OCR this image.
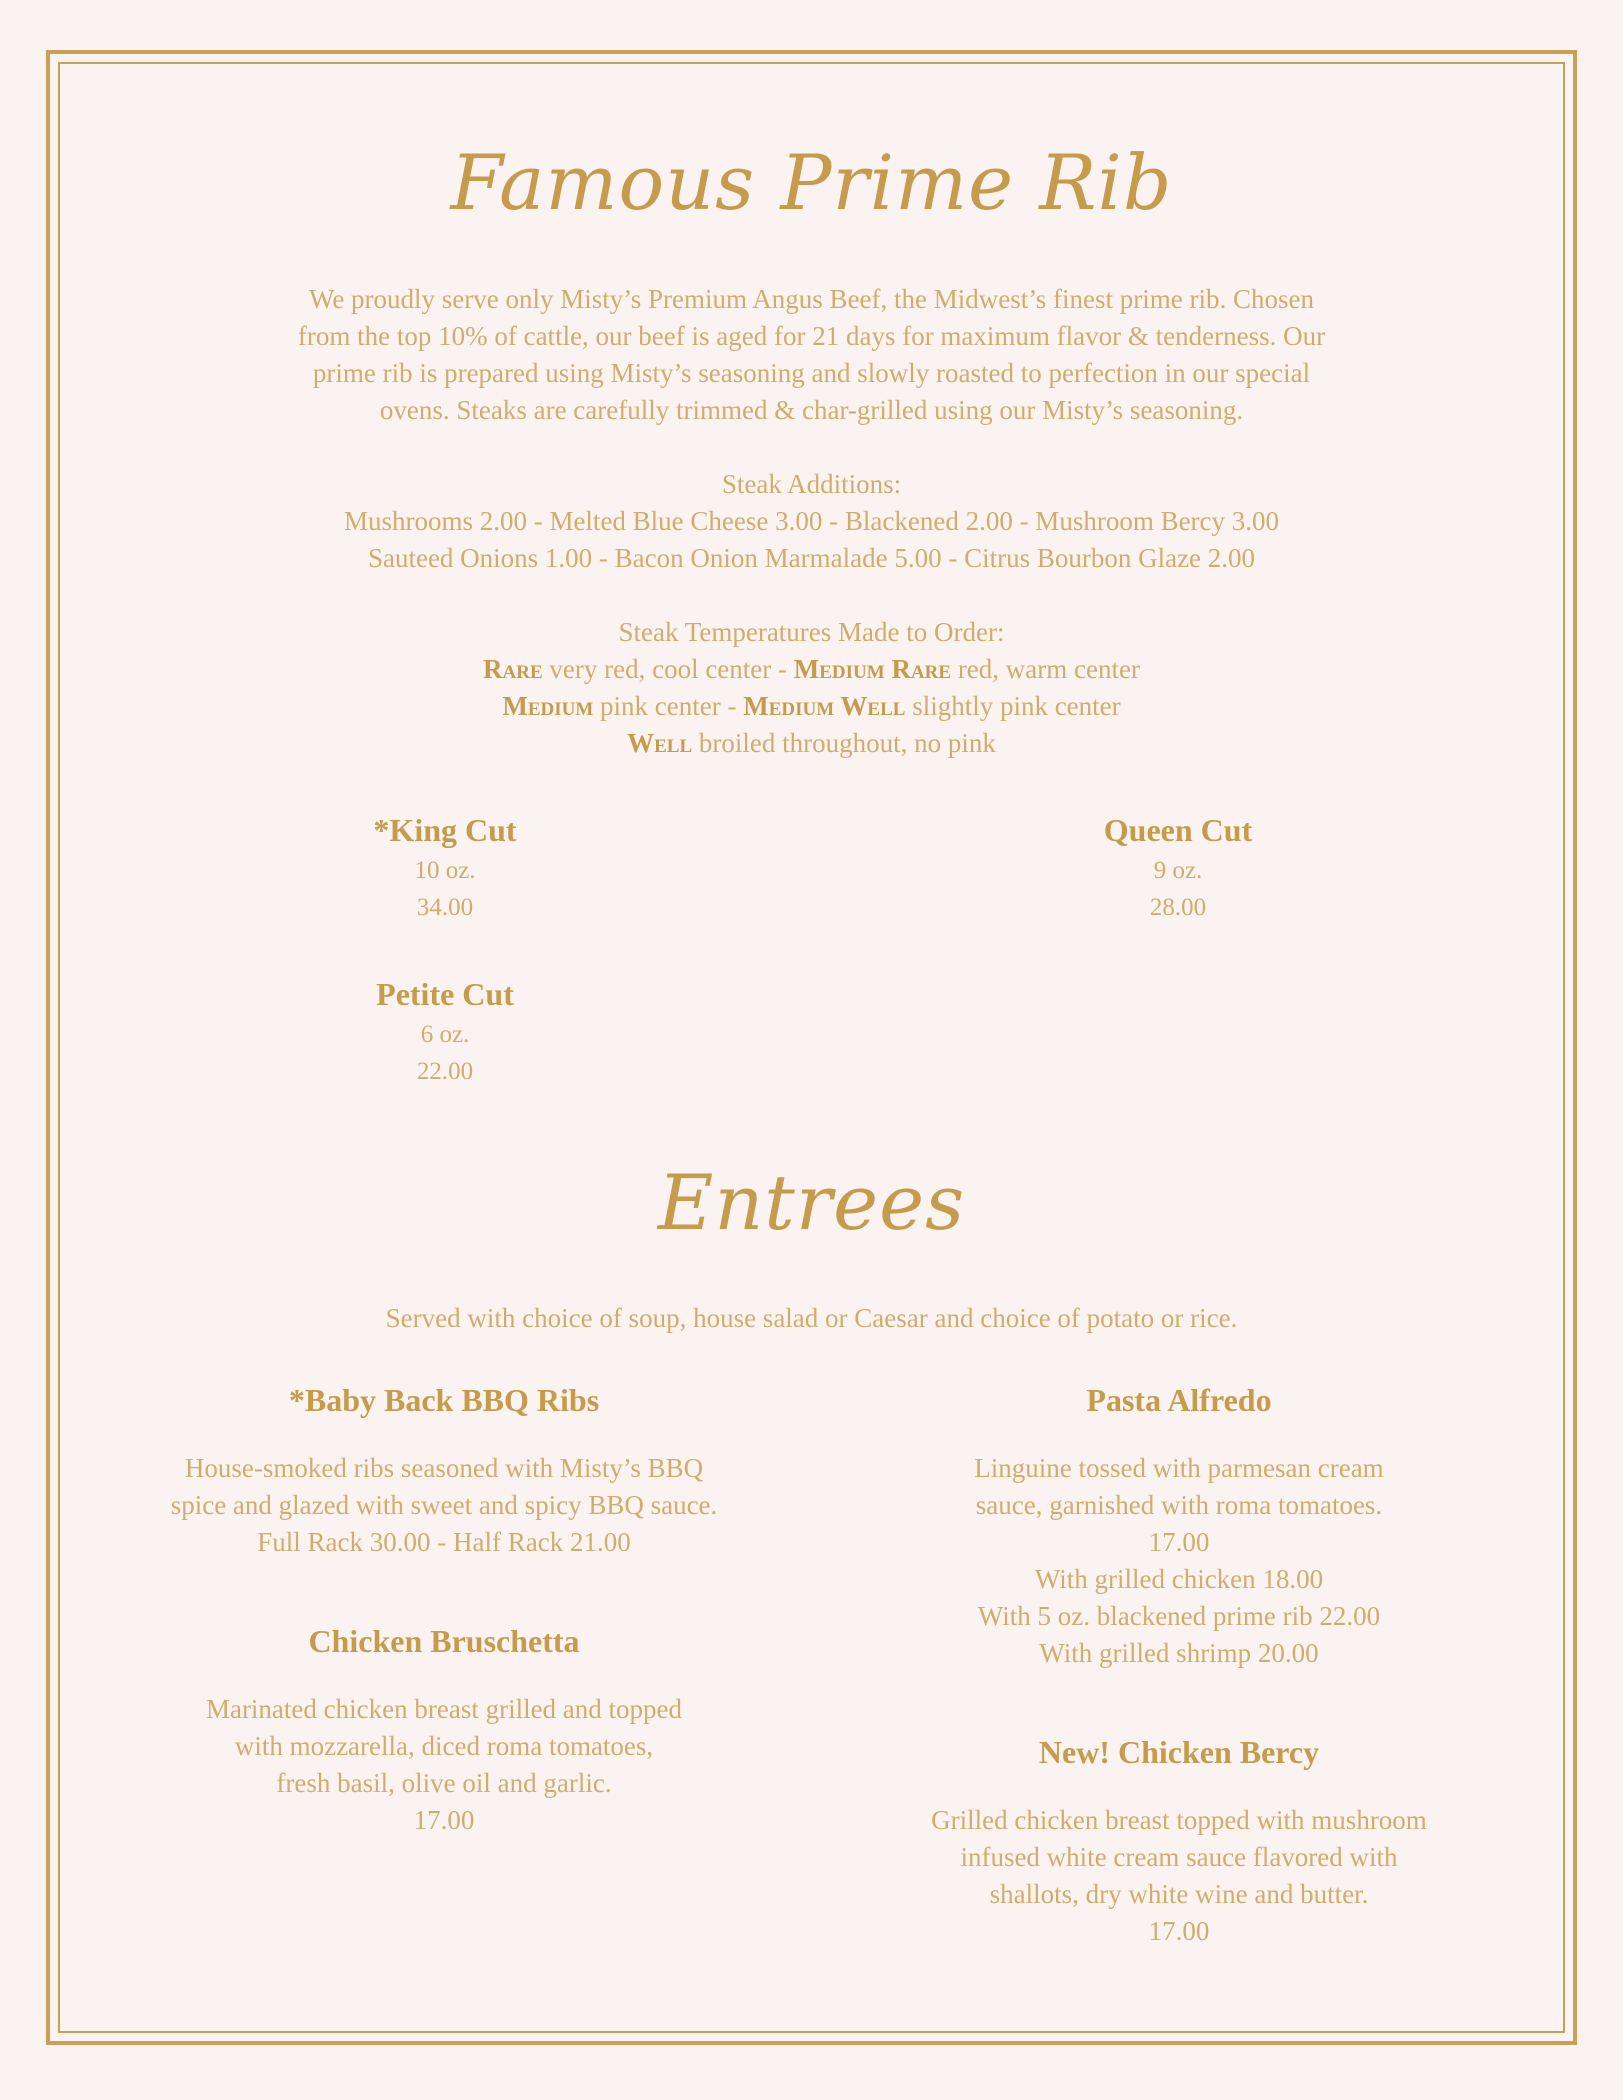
Famous Prime Rib
We proudly serve only Misty’s Premium Angus Beef, the Midwest’s finest prime rib. Chosen
from the top 10% of cattle, our beef is aged for 21 days for maximum flavor & tenderness. Our
prime rib is prepared using Misty’s seasoning and slowly roasted to perfection in our special
ovens. Steaks are carefully trimmed & char-grilled using our Misty’s seasoning.
Steak Additions:
Mushrooms 2.00 - Melted Blue Cheese 3.00 - Blackened 2.00 - Mushroom Bercy 3.00
Sauteed Onions 1.00 - Bacon Onion Marmalade 5.00 - Citrus Bourbon Glaze 2.00
Steak Temperatures Made to Order:
Rare very red, cool center - Medium Rare red, warm center
Medium pink center - Medium Well slightly pink center
Well broiled throughout, no pink
*King Cut
10 oz.
34.00
Queen Cut
9 oz.
28.00
Petite Cut
6 oz.
22.00
Entrees
Served with choice of soup, house salad or Caesar and choice of potato or rice.
*Baby Back BBQ Ribs
House-smoked ribs seasoned with Misty’s BBQ
spice and glazed with sweet and spicy BBQ sauce.
Full Rack 30.00 - Half Rack 21.00
Chicken Bruschetta
Marinated chicken breast grilled and topped
with mozzarella, diced roma tomatoes,
fresh basil, olive oil and garlic.
17.00
Pasta Alfredo
Linguine tossed with parmesan cream
sauce, garnished with roma tomatoes.
17.00
With grilled chicken 18.00
With 5 oz. blackened prime rib 22.00
With grilled shrimp 20.00
New! Chicken Bercy
Grilled chicken breast topped with mushroom
infused white cream sauce flavored with
shallots, dry white wine and butter.
17.00
